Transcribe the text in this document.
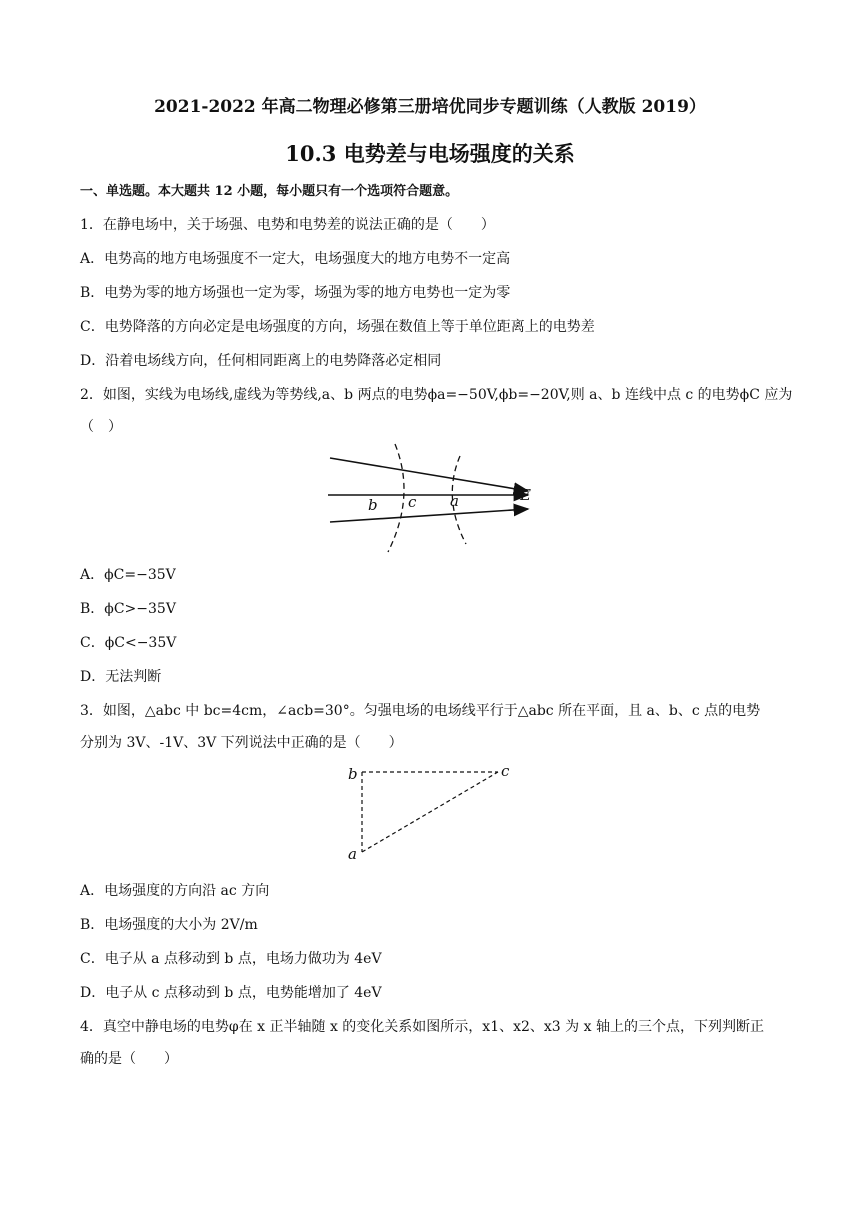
2021-2022 年高二物理必修第三册培优同步专题训练（人教版 2019）
10.3 电势差与电场强度的关系
一、单选题。本大题共 12 小题，每小题只有一个选项符合题意。
1．在静电场中，关于场强、电势和电势差的说法正确的是（　　）
A．电势高的地方电场强度不一定大，电场强度大的地方电势不一定高
B．电势为零的地方场强也一定为零，场强为零的地方电势也一定为零
C．电势降落的方向必定是电场强度的方向，场强在数值上等于单位距离上的电势差
D．沿着电场线方向，任何相同距离上的电势降落必定相同
2．如图，实线为电场线,虚线为等势线,a、b 两点的电势ϕa=−50V,ϕb=−20V,则 a、b 连线中点 c 的电势ϕC 应为
（　）
b c a	E
A．ϕC=−35V
B．ϕC>−35V
C．ϕC<−35V
D．无法判断
3．如图，△abc 中 bc=4cm，∠acb=30°。匀强电场的电场线平行于△abc 所在平面，且 a、b、c 点的电势
分别为 3V、-1V、3V 下列说法中正确的是（　　）
b	c
a
A．电场强度的方向沿 ac 方向
B．电场强度的大小为 2V/m
C．电子从 a 点移动到 b 点，电场力做功为 4eV
D．电子从 c 点移动到 b 点，电势能增加了 4eV
4．真空中静电场的电势φ在 x 正半轴随 x 的变化关系如图所示，x1、x2、x3 为 x 轴上的三个点，下列判断正
确的是（　　）
